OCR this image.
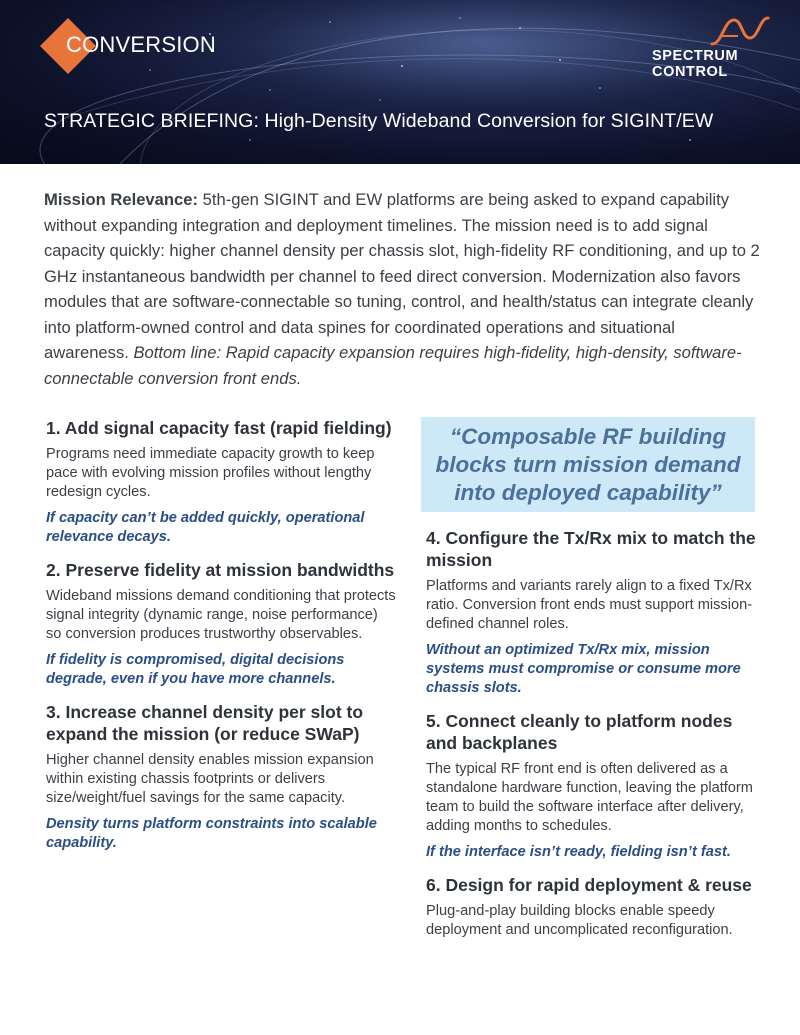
CONVERSION	SPECTRUM
CONTROL
STRATEGIC BRIEFING: High-Density Wideband Conversion for SIGINT/EW
Mission Relevance: 5th-gen SIGINT and EW platforms are being asked to expand capability without expanding integration and deployment timelines. The mission need is to add signal capacity quickly: higher channel density per chassis slot, high-fidelity RF conditioning, and up to 2 GHz instantaneous bandwidth per channel to feed direct conversion. Modernization also favors modules that are software-connectable so tuning, control, and health/status can integrate cleanly into platform-owned control and data spines for coordinated operations and situational awareness. Bottom line: Rapid capacity expansion requires high-fidelity, high-density, software-connectable conversion front ends.
1. Add signal capacity fast (rapid fielding)

Programs need immediate capacity growth to keep pace with evolving mission profiles without lengthy redesign cycles.

If capacity can’t be added quickly, operational relevance decays.

2. Preserve fidelity at mission bandwidths

Wideband missions demand conditioning that protects signal integrity (dynamic range, noise performance) so conversion produces trustworthy observables.

If fidelity is compromised, digital decisions degrade, even if you have more channels.

3. Increase channel density per slot to expand the mission (or reduce SWaP)

Higher channel density enables mission expansion within existing chassis footprints or delivers size/weight/fuel savings for the same capacity.

Density turns platform constraints into scalable capability.

“Composable RF building blocks turn mission demand into deployed capability”
4. Configure the Tx/Rx mix to match the mission

Platforms and variants rarely align to a fixed Tx/Rx ratio. Conversion front ends must support mission-defined channel roles.

Without an optimized Tx/Rx mix, mission systems must compromise or consume more chassis slots.

5. Connect cleanly to platform nodes and backplanes

The typical RF front end is often delivered as a standalone hardware function, leaving the platform team to build the software interface after delivery, adding months to schedules.

If the interface isn’t ready, fielding isn’t fast.

6. Design for rapid deployment & reuse

Plug-and-play building blocks enable speedy deployment and uncomplicated reconfiguration.
